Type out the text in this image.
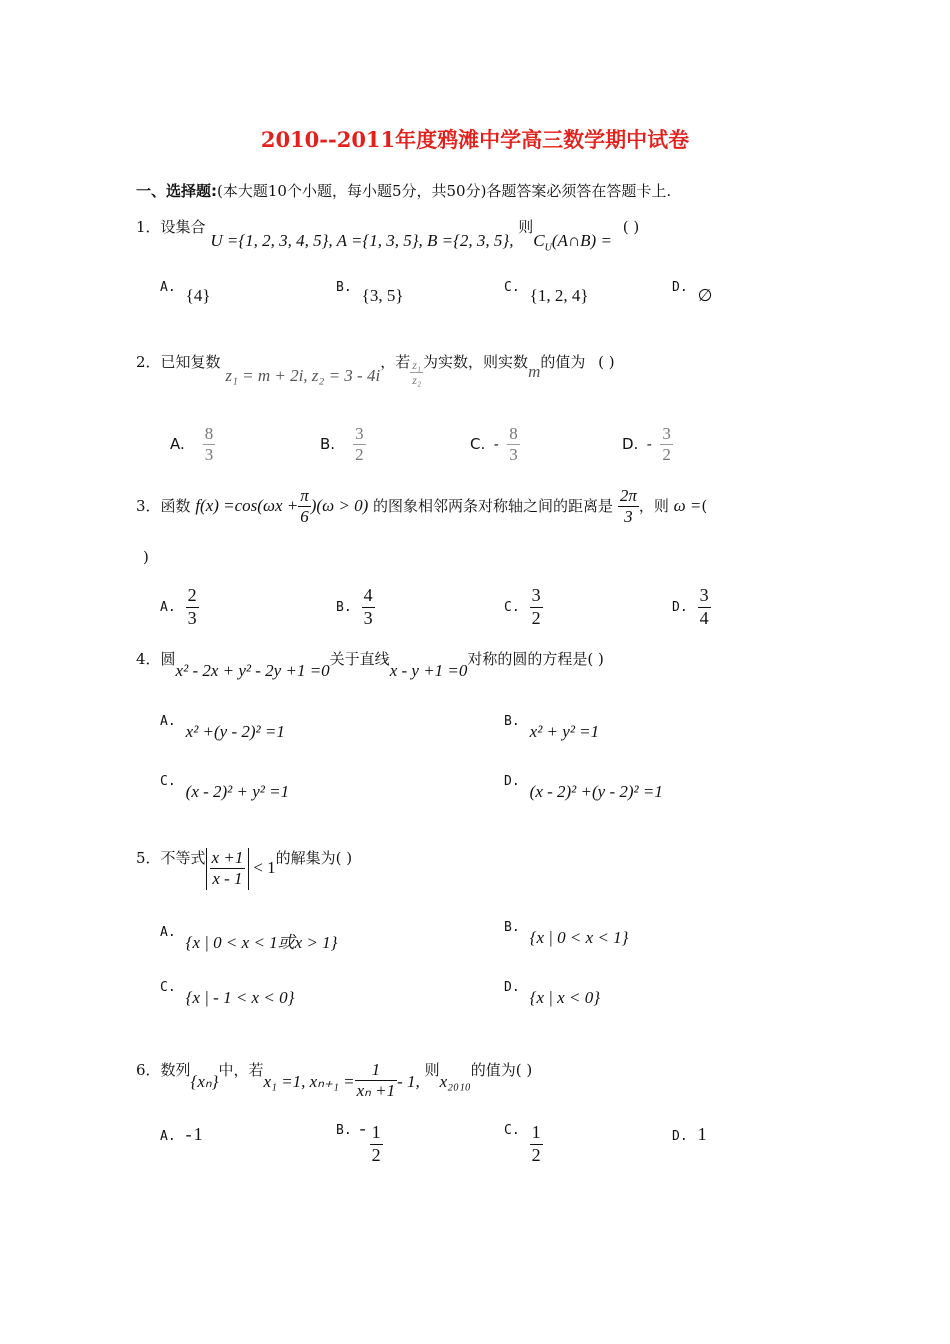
2010--2011年度鸦滩中学高三数学期中试卷
一、选择题:(本大题10个小题，每小题5分，共50分)各题答案必须答在答题卡上.
1．设集合 U ={1, 2, 3, 4, 5}, A ={1, 3, 5}, B ={2, 3, 5}, 则$C_U(A\cap B)$ = ( )
A. {4}	B. {3, 5}	C. {1, 2, 4}	D. ∅
2．已知复数 z₁ = m + 2i, z₂ = 3 - 4i，若 $\frac{\text{z₁}}{\text{z₂}}$ 为实数，则实数m的值为 ( )
A. $\frac{8}{3}$	B. $\frac{3}{2}$	C. - $\frac{8}{3}$	D. - $\frac{3}{2}$
3．函数 $f(x) =\cos(\omega x + \frac{\pi}{6} )(\omega > 0)$ 的图象相邻两条对称轴之间的距离是 $\frac{2\pi}{3}$ ，则 ω =(
)
A. $\frac{2}{3}$	B. $\frac{4}{3}$	C. $\frac{3}{2}$	D. $\frac{3}{4}$
4．圆x² - 2x + y² - 2y +1 =0关于直线x - y +1 =0对称的圆的方程是( )
A.x² +(y - 2)² =1
B.x² + y² =1
C.(x - 2)² + y² =1
D.(x - 2)² +(y - 2)² =1
5．不等式 $\frac{x +1}{x - 1} < 1$的解集为( )
A.{x | 0 < x < 1或x > 1}
B.{x | 0 < x < 1}
C.{x | - 1 < x < 0}
D.{x | x < 0}
6．数列{xₙ}中，若x₁ =1, $x_{n+1} = \frac{1}{\text{xₙ +1}} - 1$, 则x₂₀₁₀的值为( )
A. - 1	B. - $\frac{1}{2}$	C. $\frac{1}{2}$	D. 1
